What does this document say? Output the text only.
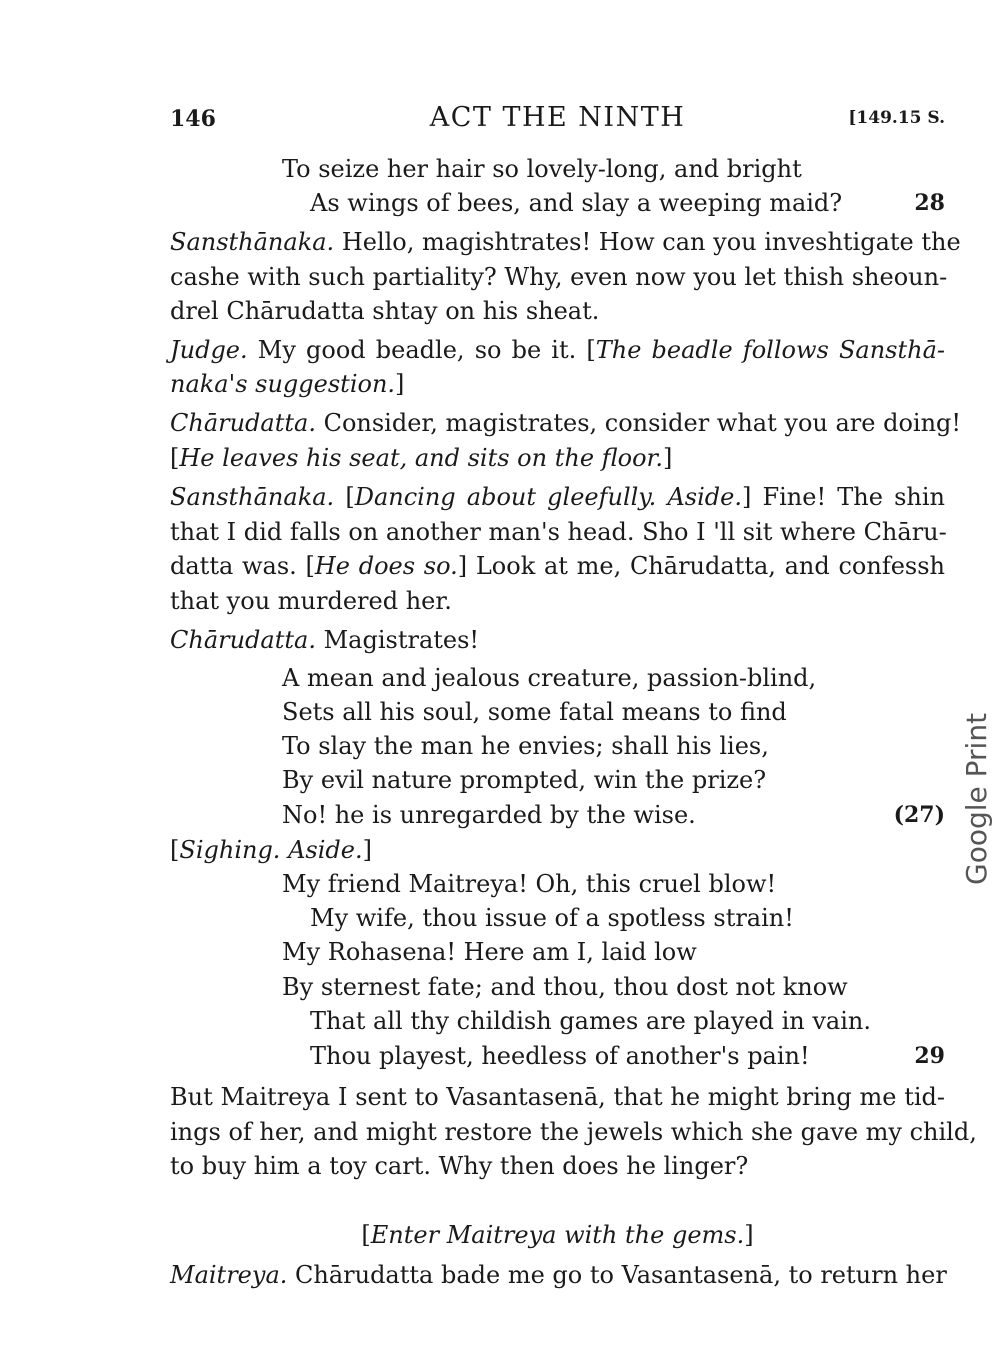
146	ACT THE NINTH	[149.15 S.
To seize her hair so lovely-long, and bright
As wings of bees, and slay a weeping maid?	28
Sansthānaka. Hello, magishtrates! How can you inveshtigate the
cashe with such partiality? Why, even now you let thish sheoun-
drel Chārudatta shtay on his sheat.
Judge. My good beadle, so be it. [The beadle follows Sansthā-
naka's suggestion.]
Chārudatta. Consider, magistrates, consider what you are doing!
[He leaves his seat, and sits on the floor.]
Sansthānaka. [Dancing about gleefully. Aside.] Fine! The shin
that I did falls on another man's head. Sho I 'll sit where Chāru-
datta was. [He does so.] Look at me, Chārudatta, and confessh
that you murdered her.
Chārudatta. Magistrates!
A mean and jealous creature, passion-blind,
Sets all his soul, some fatal means to find
To slay the man he envies; shall his lies,
By evil nature prompted, win the prize?
No! he is unregarded by the wise.	(27)
[Sighing. Aside.]
My friend Maitreya! Oh, this cruel blow!
My wife, thou issue of a spotless strain!
My Rohasena! Here am I, laid low
By sternest fate; and thou, thou dost not know
That all thy childish games are played in vain.
Thou playest, heedless of another's pain!	29
But Maitreya I sent to Vasantasenā, that he might bring me tid-
ings of her, and might restore the jewels which she gave my child,
to buy him a toy cart. Why then does he linger?
[Enter Maitreya with the gems.]
Maitreya. Chārudatta bade me go to Vasantasenā, to return her
Google Print
